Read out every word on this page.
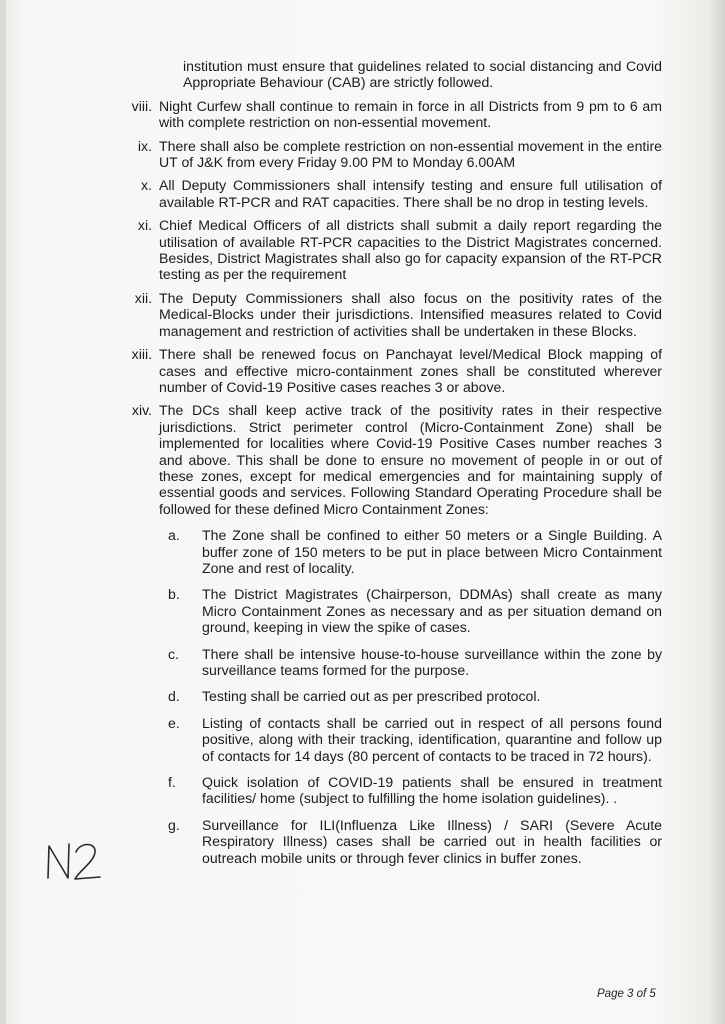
institution must ensure that guidelines related to social distancing and Covid Appropriate Behaviour (CAB) are strictly followed.
viii. Night Curfew shall continue to remain in force in all Districts from 9 pm to 6 am with complete restriction on non-essential movement.
ix. There shall also be complete restriction on non-essential movement in the entire UT of J&K from every Friday 9.00 PM to Monday 6.00AM
x. All Deputy Commissioners shall intensify testing and ensure full utilisation of available RT-PCR and RAT capacities. There shall be no drop in testing levels.
xi. Chief Medical Officers of all districts shall submit a daily report regarding the utilisation of available RT-PCR capacities to the District Magistrates concerned. Besides, District Magistrates shall also go for capacity expansion of the RT-PCR testing as per the requirement
xii. The Deputy Commissioners shall also focus on the positivity rates of the Medical-Blocks under their jurisdictions. Intensified measures related to Covid management and restriction of activities shall be undertaken in these Blocks.
xiii. There shall be renewed focus on Panchayat level/Medical Block mapping of cases and effective micro-containment zones shall be constituted wherever number of Covid-19 Positive cases reaches 3 or above.
xiv. The DCs shall keep active track of the positivity rates in their respective jurisdictions. Strict perimeter control (Micro-Containment Zone) shall be implemented for localities where Covid-19 Positive Cases number reaches 3 and above. This shall be done to ensure no movement of people in or out of these zones, except for medical emergencies and for maintaining supply of essential goods and services. Following Standard Operating Procedure shall be followed for these defined Micro Containment Zones:
a.	The Zone shall be confined to either 50 meters or a Single Building. A buffer zone of 150 meters to be put in place between Micro Containment Zone and rest of locality.
b.	The District Magistrates (Chairperson, DDMAs) shall create as many Micro Containment Zones as necessary and as per situation demand on ground, keeping in view the spike of cases.
c.	There shall be intensive house-to-house surveillance within the zone by surveillance teams formed for the purpose.
d.	Testing shall be carried out as per prescribed protocol.
e.	Listing of contacts shall be carried out in respect of all persons found positive, along with their tracking, identification, quarantine and follow up of contacts for 14 days (80 percent of contacts to be traced in 72 hours).
f.	Quick isolation of COVID-19 patients shall be ensured in treatment facilities/ home (subject to fulfilling the home isolation guidelines). .
g.	Surveillance for ILI(Influenza Like Illness) / SARI (Severe Acute Respiratory Illness) cases shall be carried out in health facilities or outreach mobile units or through fever clinics in buffer zones.
Page 3 of 5
